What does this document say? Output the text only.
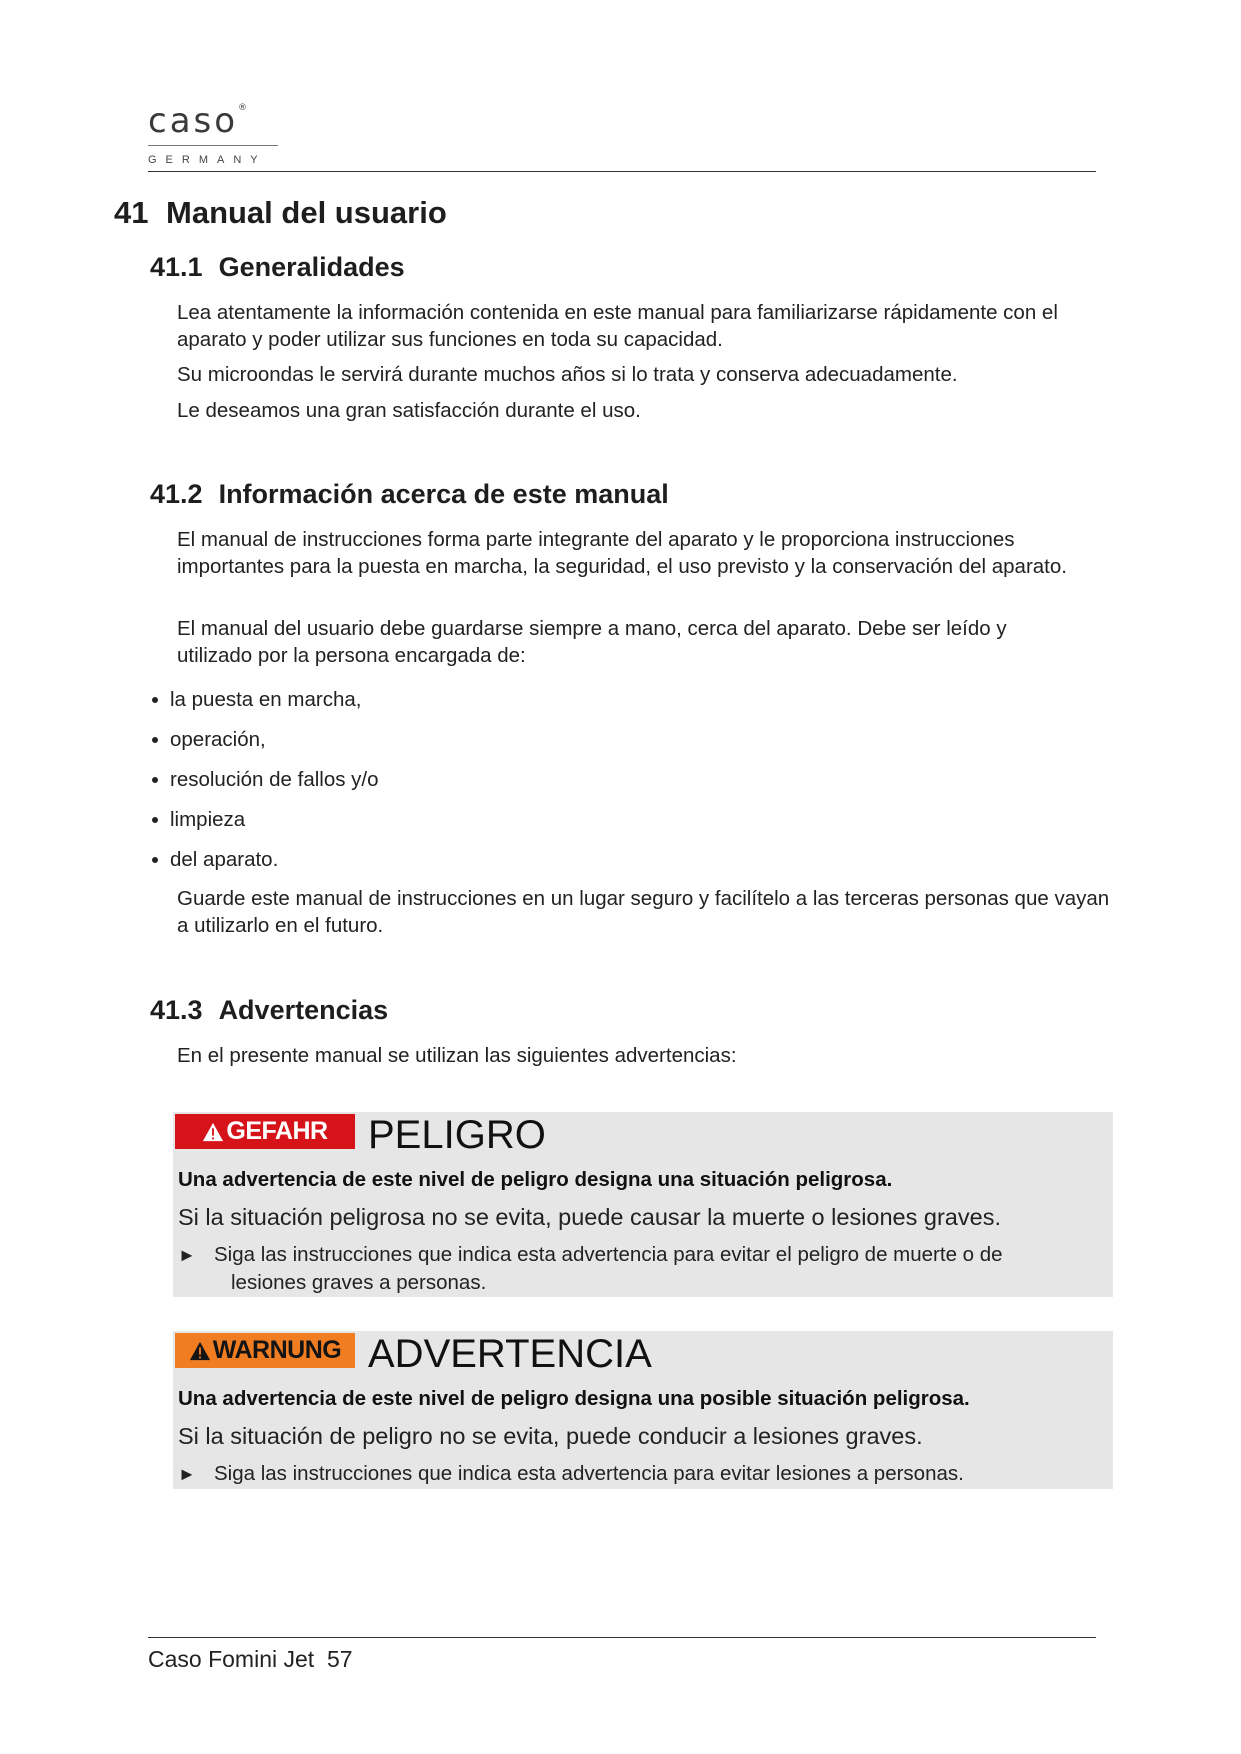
caso®
GERMANY
41 Manual del usuario
41.1 Generalidades

Lea atentamente la información contenida en este manual para familiarizarse rápidamente con el aparato y poder utilizar sus funciones en toda su capacidad.

Su microondas le servirá durante muchos años si lo trata y conserva adecuadamente.

Le deseamos una gran satisfacción durante el uso.

41.2 Información acerca de este manual

El manual de instrucciones forma parte integrante del aparato y le proporciona instrucciones importantes para la puesta en marcha, la seguridad, el uso previsto y la conservación del aparato.

El manual del usuario debe guardarse siempre a mano, cerca del aparato. Debe ser leído y utilizado por la persona encargada de:

la puesta en marcha,
operación,
resolución de fallos y/o
limpieza
del aparato.

Guarde este manual de instrucciones en un lugar seguro y facilítelo a las terceras personas que vayan a utilizarlo en el futuro.

41.3 Advertencias

En el presente manual se utilizan las siguientes advertencias:

GEFAHR PELIGRO
Una advertencia de este nivel de peligro designa una situación peligrosa.
Si la situación peligrosa no se evita, puede causar la muerte o lesiones graves.
► Siga las instrucciones que indica esta advertencia para evitar el peligro de muerte o de
lesiones graves a personas.
WARNUNG ADVERTENCIA
Una advertencia de este nivel de peligro designa una posible situación peligrosa.
Si la situación de peligro no se evita, puede conducir a lesiones graves.
► Siga las instrucciones que indica esta advertencia para evitar lesiones a personas.
Caso Fomini Jet 57
